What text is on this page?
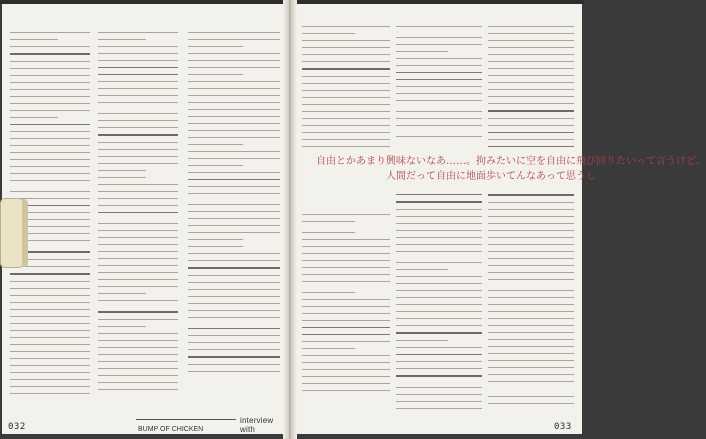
interview with
BUMP OF CHICKEN
032
自由とかあまり興味ないなあ……。拘みたいに空を自由に飛び回りたいって言うけど、
人間だって自由に地面歩いてんなあって思うし
033
